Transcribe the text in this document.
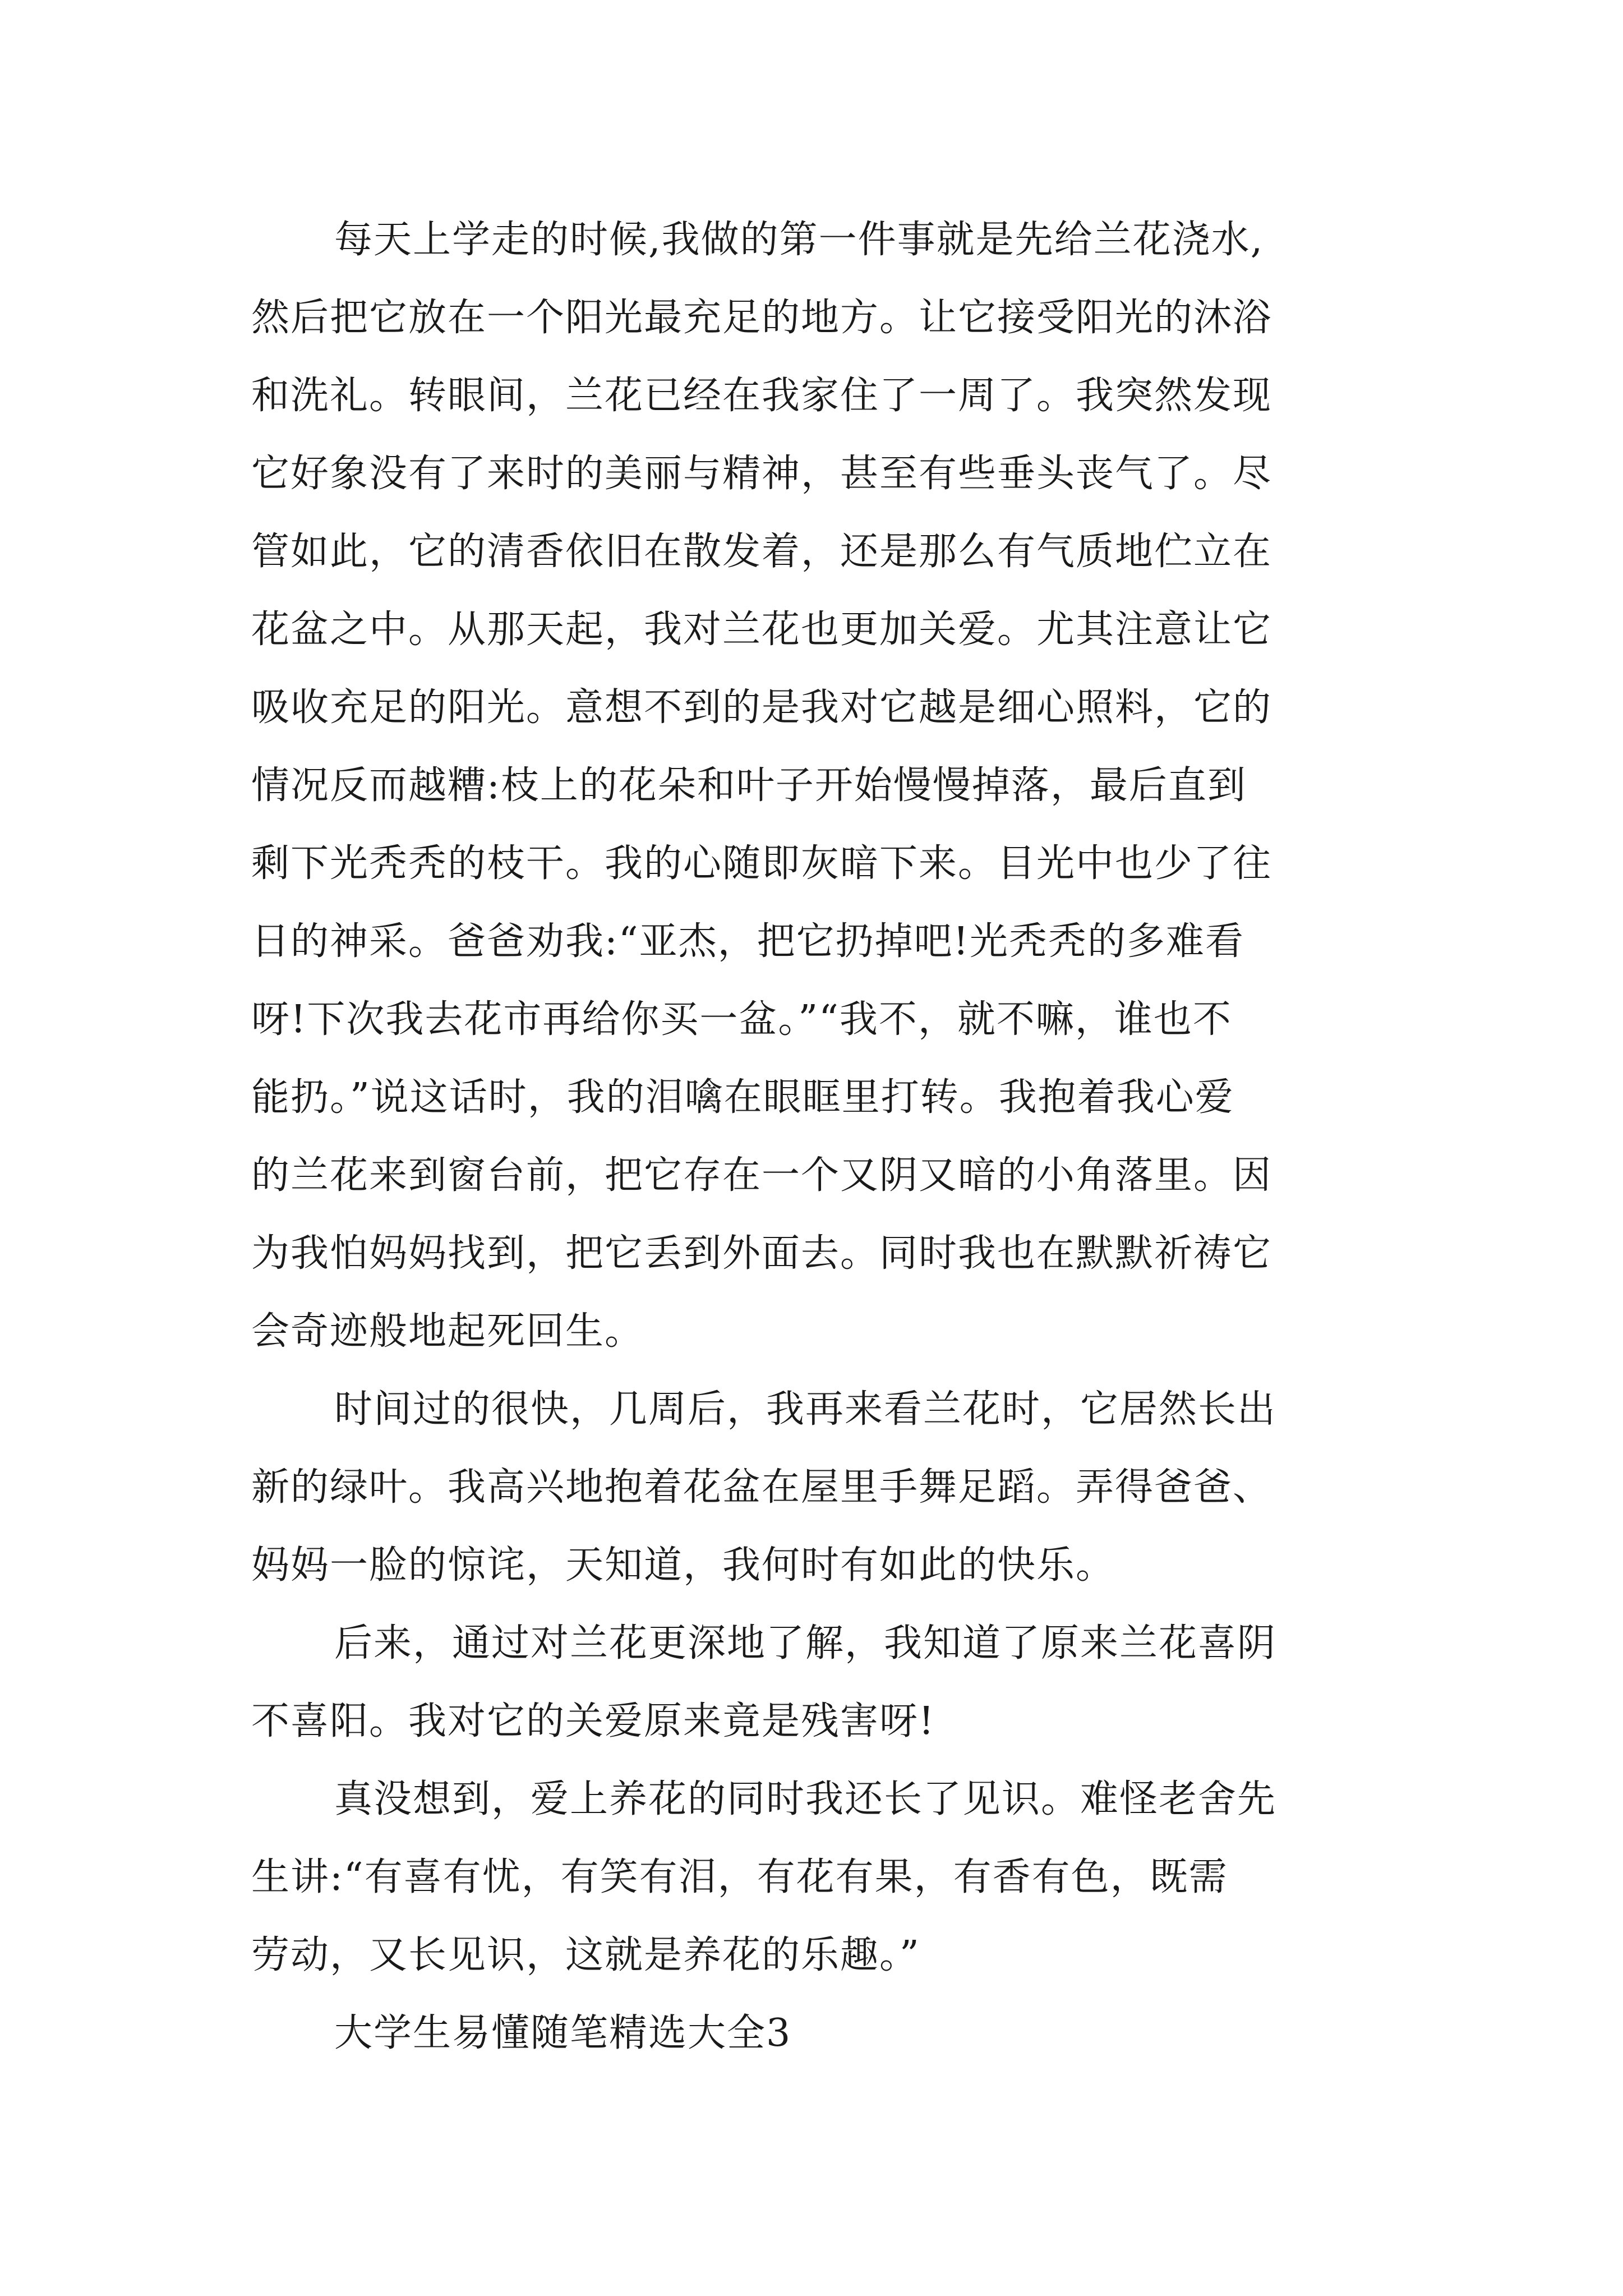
每天上学走的时候,我做的第一件事就是先给兰花浇水,
然后把它放在一个阳光最充足的地方。让它接受阳光的沐浴
和洗礼。转眼间，兰花已经在我家住了一周了。我突然发现
它好象没有了来时的美丽与精神，甚至有些垂头丧气了。尽
管如此，它的清香依旧在散发着，还是那么有气质地伫立在
花盆之中。从那天起，我对兰花也更加关爱。尤其注意让它
吸收充足的阳光。意想不到的是我对它越是细心照料，它的
情况反而越糟:枝上的花朵和叶子开始慢慢掉落，最后直到
剩下光秃秃的枝干。我的心随即灰暗下来。目光中也少了往
日的神采。爸爸劝我:“亚杰，把它扔掉吧!光秃秃的多难看
呀!下次我去花市再给你买一盆。”“我不，就不嘛，谁也不
能扔。”说这话时，我的泪噙在眼眶里打转。我抱着我心爱
的兰花来到窗台前，把它存在一个又阴又暗的小角落里。因
为我怕妈妈找到，把它丢到外面去。同时我也在默默祈祷它
会奇迹般地起死回生。
时间过的很快，几周后，我再来看兰花时，它居然长出
新的绿叶。我高兴地抱着花盆在屋里手舞足蹈。弄得爸爸、
妈妈一脸的惊诧，天知道，我何时有如此的快乐。
后来，通过对兰花更深地了解，我知道了原来兰花喜阴
不喜阳。我对它的关爱原来竟是残害呀!
真没想到，爱上养花的同时我还长了见识。难怪老舍先
生讲:“有喜有忧，有笑有泪，有花有果，有香有色，既需
劳动，又长见识，这就是养花的乐趣。”
大学生易懂随笔精选大全3
